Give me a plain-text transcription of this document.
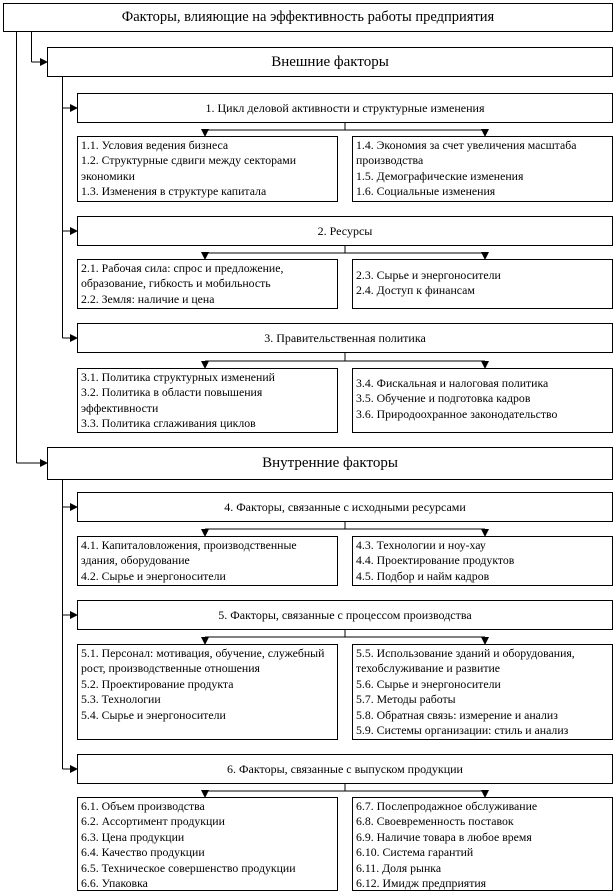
Факторы, влияющие на эффективность работы предприятия
Внешние факторы
1. Цикл деловой активности и структурные изменения
1.1. Условия ведения бизнеса
1.2. Структурные сдвиги между секторами экономики
1.3. Изменения в структуре капитала
1.4. Экономия за счет увеличения масштаба производства
1.5. Демографические изменения
1.6. Социальные изменения
2. Ресурсы
2.1. Рабочая сила: спрос и предложение, образование, гибкость и мобильность
2.2. Земля: наличие и цена
2.3. Сырье и энергоносители
2.4. Доступ к финансам
3. Правительственная политика
3.1. Политика структурных изменений
3.2. Политика в области повышения эффективности
3.3. Политика сглаживания циклов
3.4. Фискальная и налоговая политика
3.5. Обучение и подготовка кадров
3.6. Природоохранное законодательство
Внутренние факторы
4. Факторы, связанные с исходными ресурсами
4.1. Капиталовложения, производственные здания, оборудование
4.2. Сырье и энергоносители
4.3. Технологии и ноу-хау
4.4. Проектирование продуктов
4.5. Подбор и найм кадров
5. Факторы, связанные с процессом производства
5.1. Персонал: мотивация, обучение, служебный рост, производственные отношения
5.2. Проектирование продукта
5.3. Технологии
5.4. Сырье и энергоносители
5.5. Использование зданий и оборудования, техобслуживание и развитие
5.6. Сырье и энергоносители
5.7. Методы работы
5.8. Обратная связь: измерение и анализ
5.9. Системы организации: стиль и анализ
6. Факторы, связанные с выпуском продукции
6.1. Объем производства
6.2. Ассортимент продукции
6.3. Цена продукции
6.4. Качество продукции
6.5. Техническое совершенство продукции
6.6. Упаковка
6.7. Послепродажное обслуживание
6.8. Своевременность поставок
6.9. Наличие товара в любое время
6.10. Система гарантий
6.11. Доля рынка
6.12. Имидж предприятия
